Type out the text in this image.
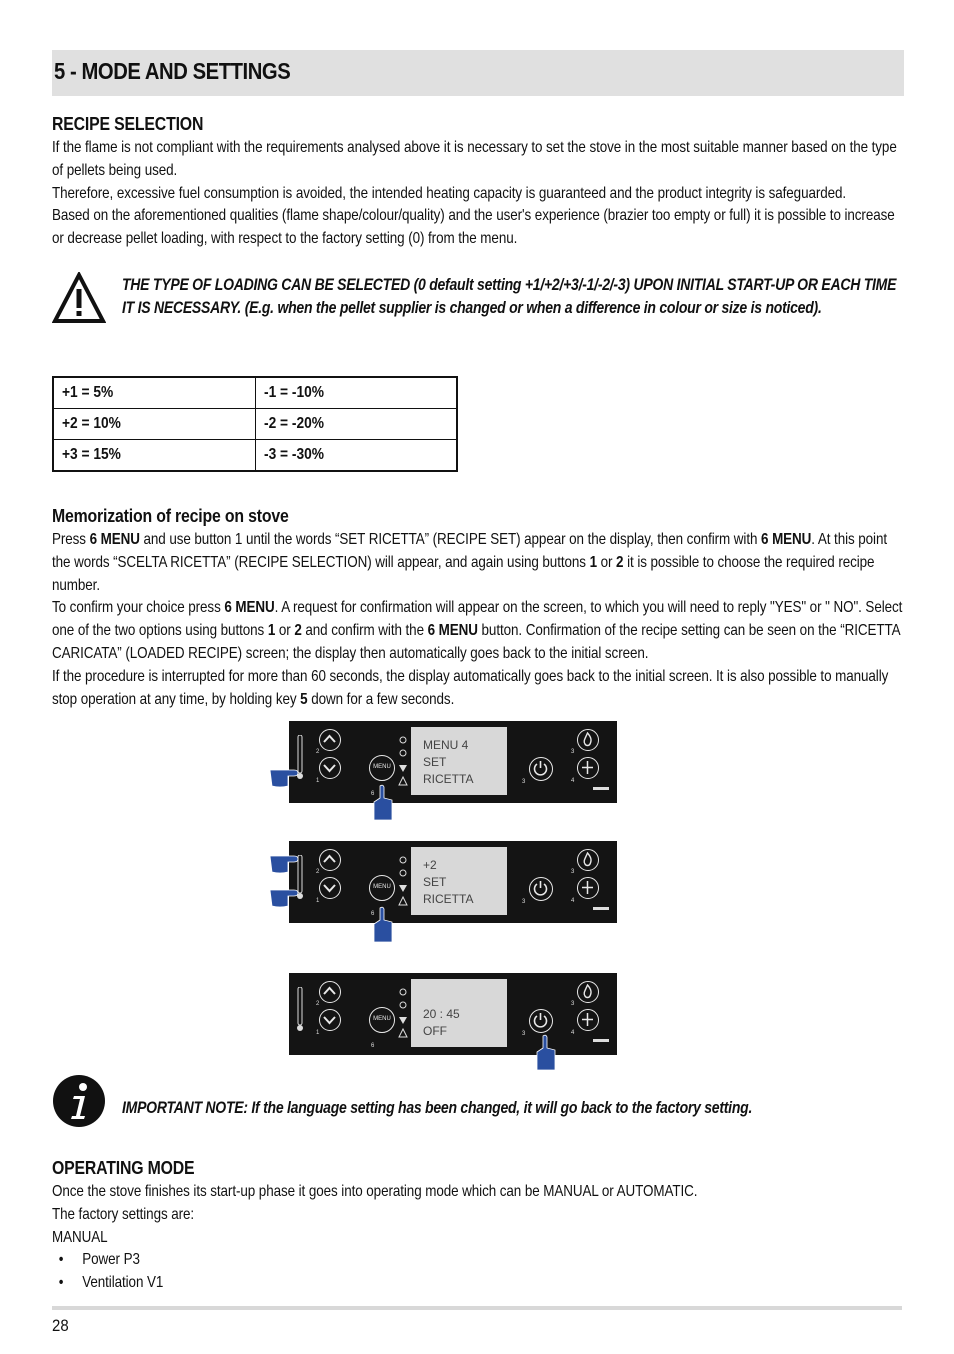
5 - MODE AND SETTINGS
RECIPE SELECTION

If the flame is not compliant with the requirements analysed above it is necessary to set the stove in the most suitable manner based on the type of pellets being used.

Therefore, excessive fuel consumption is avoided, the intended heating capacity is guaranteed and the product integrity is safeguarded.

Based on the aforementioned qualities (flame shape/colour/quality) and the user's experience (brazier too empty or full) it is possible to increase or decrease pellet loading, with respect to the factory setting (0) from the menu.

THE TYPE OF LOADING CAN BE SELECTED (0 default setting +1/+2/+3/-1/-2/-3) UPON INITIAL START-UP OR EACH TIME IT IS NECESSARY. (E.g. when the pellet supplier is changed or when a difference in colour or size is noticed).
+1 = 5%	-1 = -10%
+2 = 10%	-2 = -20%
+3 = 15%	-3 = -30%
Memorization of recipe on stove

Press 6 MENU and use button 1 until the words “SET RICETTA” (RECIPE SET) appear on the display, then confirm with 6 MENU. At this point the words “SCELTA RICETTA” (RECIPE SELECTION) will appear, and again using buttons 1 or 2 it is possible to choose the required recipe number.

To confirm your choice press 6 MENU. A request for confirmation will appear on the screen, to which you will need to reply "YES" or " NO". Select one of the two options using buttons 1 or 2 and confirm with the 6 MENU button. Confirmation of the recipe setting can be seen on the “RICETTA CARICATA” (LOADED RECIPE) screen; the display then automatically goes back to the initial screen.

If the procedure is interrupted for more than 60 seconds, the display automatically goes back to the initial screen. It is also possible to manually stop operation at any time, by holding key 5 down for a few seconds.

2
1
MENU
6
MENU 4
SET
RICETTA	3
3
4
2
1
MENU
6
+2
SET
RICETTA	3
3
4
2
1
MENU
6
20 : 45
OFF	3
3
4
IMPORTANT NOTE: If the language setting has been changed, it will go back to the factory setting.
OPERATING MODE

Once the stove finishes its start-up phase it goes into operating mode which can be MANUAL or AUTOMATIC.

The factory settings are:

MANUAL

• Power P3
• Ventilation V1
28
